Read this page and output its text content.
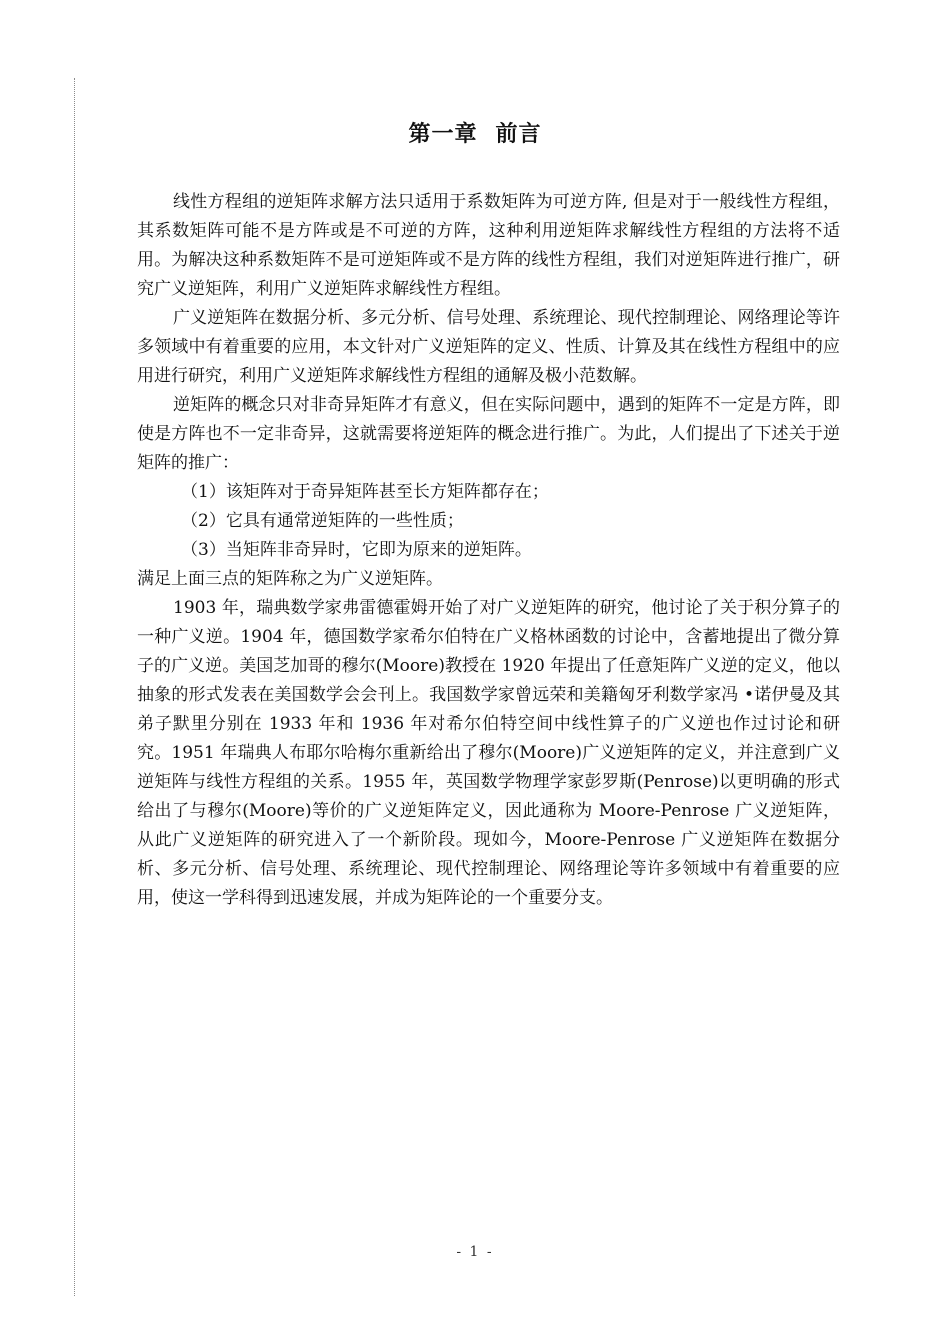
第一章 前言

线性方程组的逆矩阵求解方法只适用于系数矩阵为可逆方阵, 但是对于一般线性方程组，其系数矩阵可能不是方阵或是不可逆的方阵，这种利用逆矩阵求解线性方程组的方法将不适用。为解决这种系数矩阵不是可逆矩阵或不是方阵的线性方程组，我们对逆矩阵进行推广，研究广义逆矩阵，利用广义逆矩阵求解线性方程组。

广义逆矩阵在数据分析、多元分析、信号处理、系统理论、现代控制理论、网络理论等许多领域中有着重要的应用，本文针对广义逆矩阵的定义、性质、计算及其在线性方程组中的应用进行研究，利用广义逆矩阵求解线性方程组的通解及极小范数解。

逆矩阵的概念只对非奇异矩阵才有意义，但在实际问题中，遇到的矩阵不一定是方阵，即使是方阵也不一定非奇异，这就需要将逆矩阵的概念进行推广。为此，人们提出了下述关于逆矩阵的推广：

（1）该矩阵对于奇异矩阵甚至长方矩阵都存在；

（2）它具有通常逆矩阵的一些性质；

（3）当矩阵非奇异时，它即为原来的逆矩阵。

满足上面三点的矩阵称之为广义逆矩阵。

1903 年，瑞典数学家弗雷德霍姆开始了对广义逆矩阵的研究，他讨论了关于积分算子的一种广义逆。1904 年，德国数学家希尔伯特在广义格林函数的讨论中，含蓄地提出了微分算子的广义逆。美国芝加哥的穆尔(Moore)教授在 1920 年提出了任意矩阵广义逆的定义，他以抽象的形式发表在美国数学会会刊上。我国数学家曾远荣和美籍匈牙利数学家冯 •诺伊曼及其弟子默里分别在 1933 年和 1936 年对希尔伯特空间中线性算子的广义逆也作过讨论和研究。1951 年瑞典人布耶尔哈梅尔重新给出了穆尔(Moore)广义逆矩阵的定义，并注意到广义逆矩阵与线性方程组的关系。1955 年，英国数学物理学家彭罗斯(Penrose)以更明确的形式给出了与穆尔(Moore)等价的广义逆矩阵定义，因此通称为 Moore-Penrose 广义逆矩阵，从此广义逆矩阵的研究进入了一个新阶段。现如今，Moore-Penrose 广义逆矩阵在数据分析、多元分析、信号处理、系统理论、现代控制理论、网络理论等许多领域中有着重要的应用，使这一学科得到迅速发展，并成为矩阵论的一个重要分支。

- 1 -
